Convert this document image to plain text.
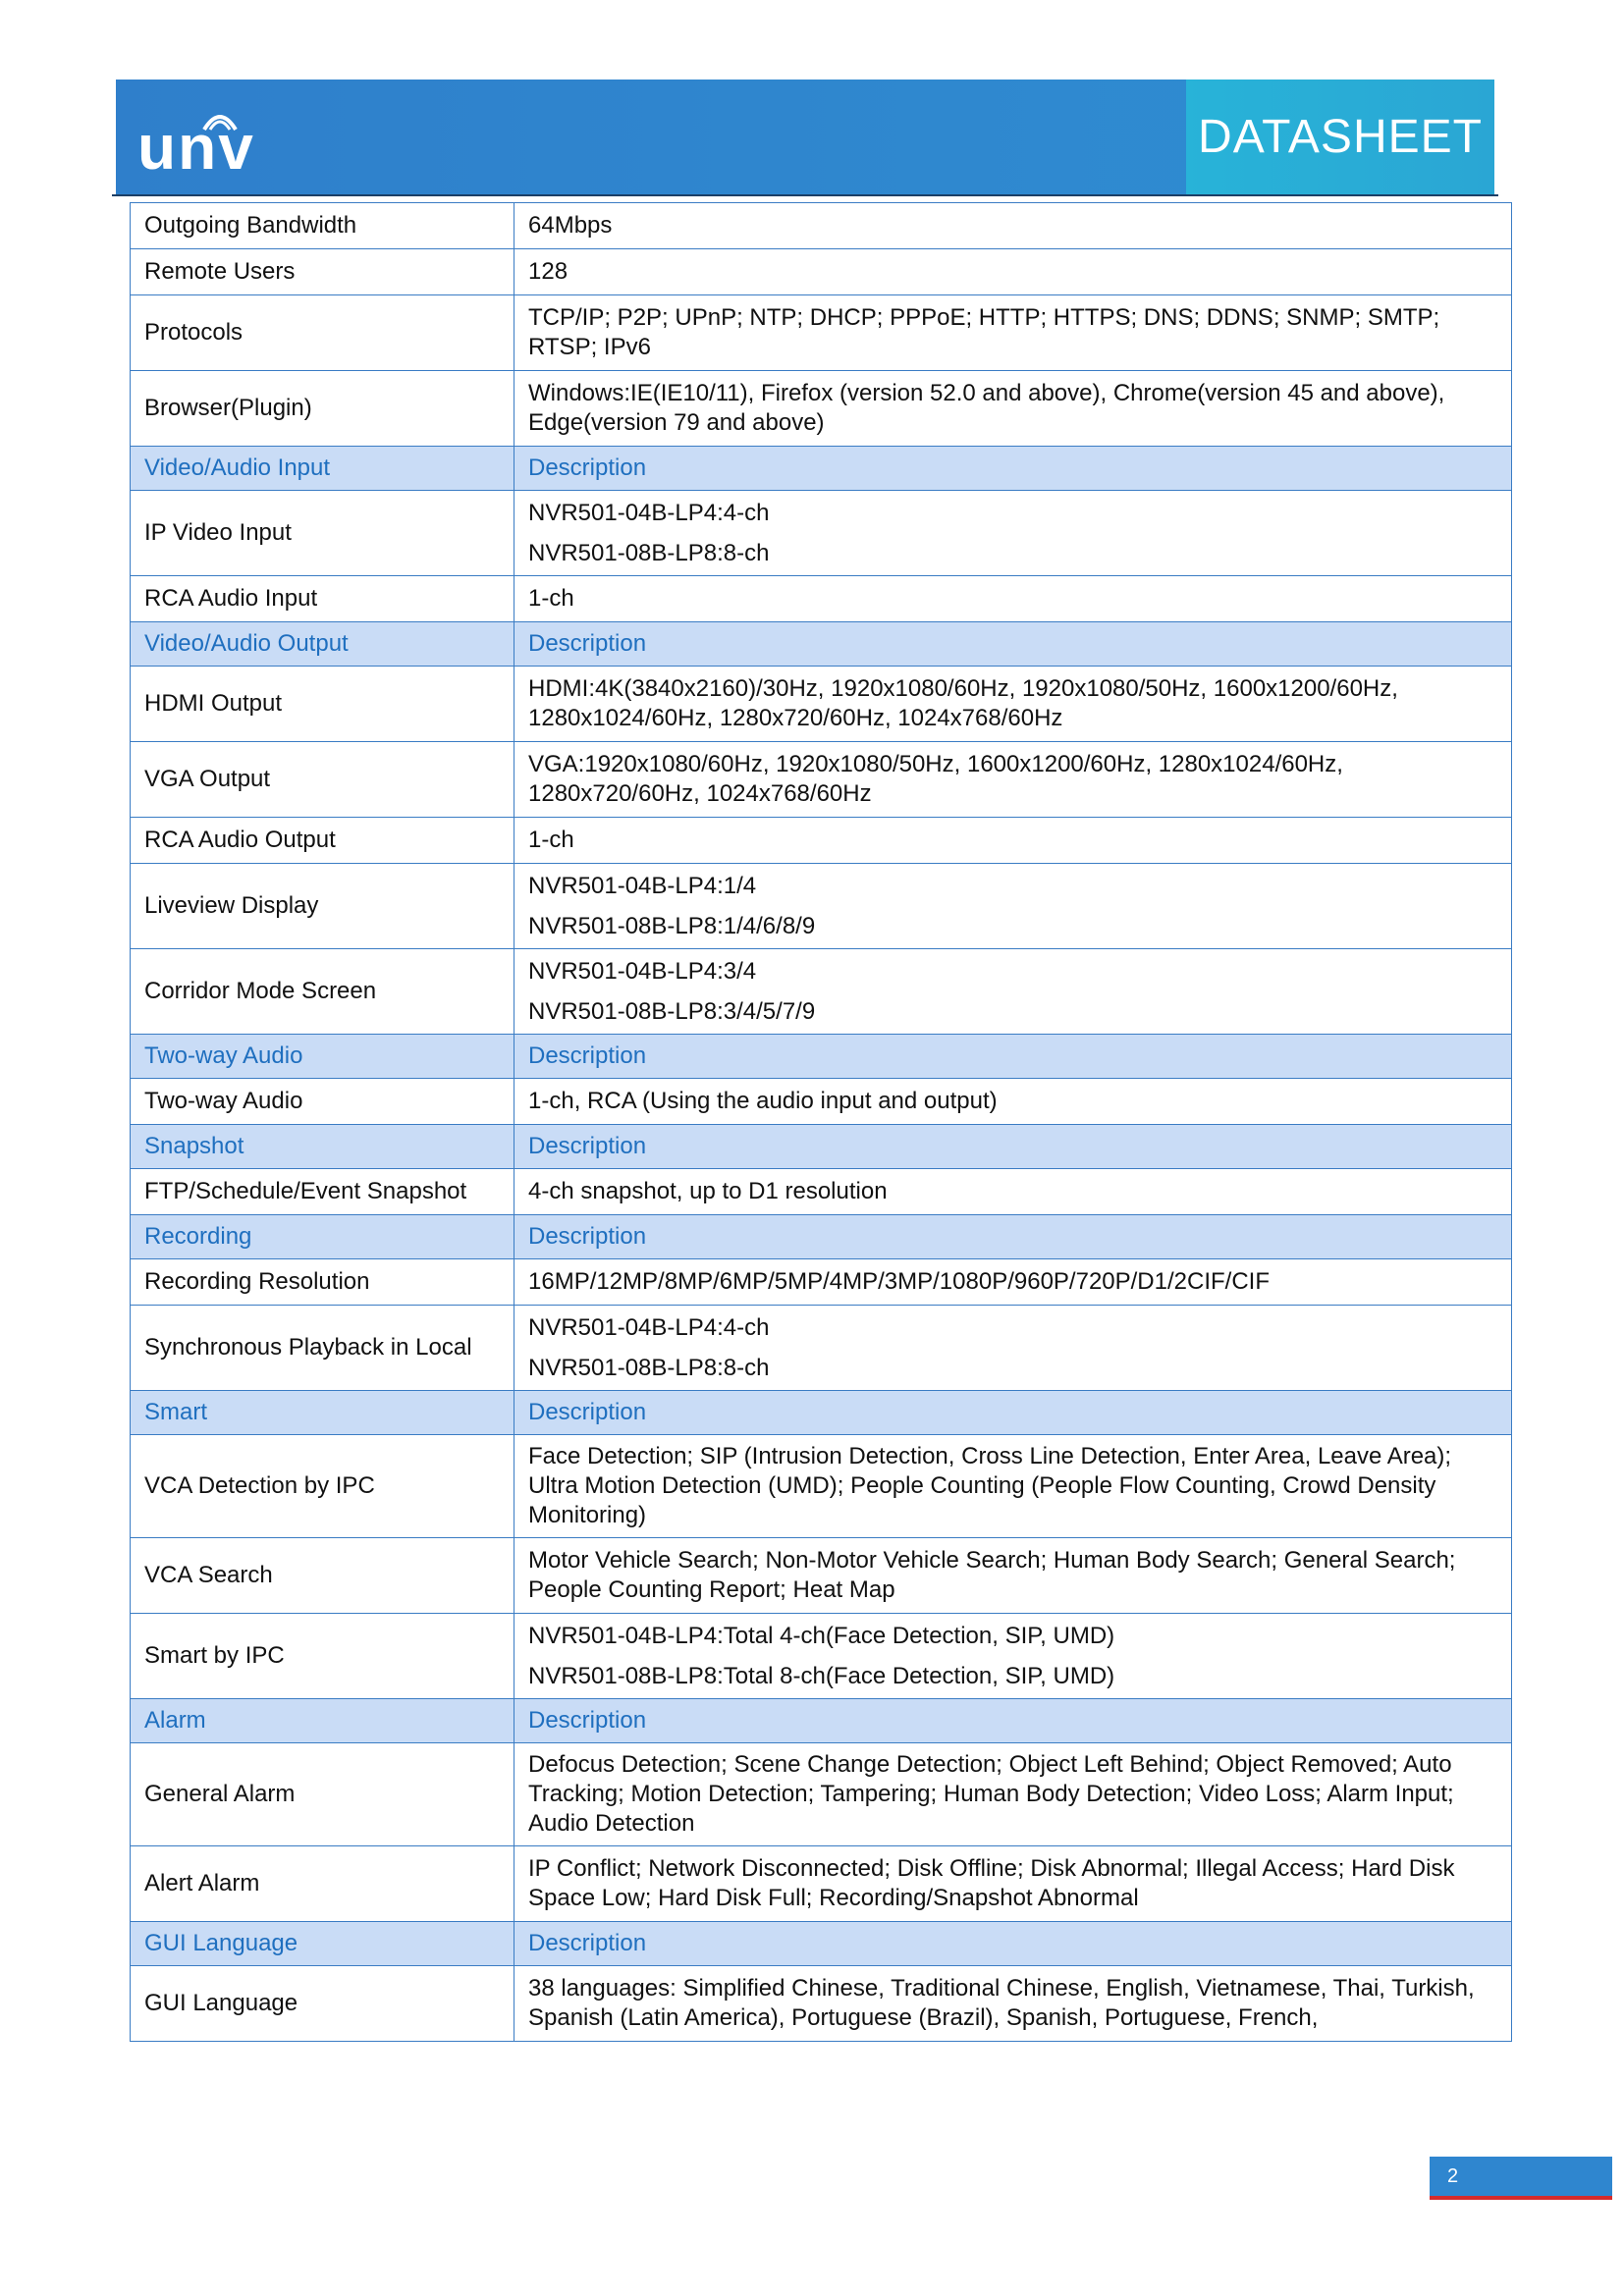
unv	DATASHEET
Outgoing Bandwidth	64Mbps
Remote Users	128
Protocols	TCP/IP; P2P; UPnP; NTP; DHCP; PPPoE; HTTP; HTTPS; DNS; DDNS; SNMP; SMTP; RTSP; IPv6
Browser(Plugin)	Windows:IE(IE10/11), Firefox (version 52.0 and above), Chrome(version 45 and above), Edge(version 79 and above)
Video/Audio Input	Description
IP Video Input	NVR501-04B-LP4:4-ch
NVR501-08B-LP8:8-ch

RCA Audio Input	1-ch
Video/Audio Output	Description
HDMI Output	HDMI:4K(3840x2160)/30Hz, 1920x1080/60Hz, 1920x1080/50Hz, 1600x1200/60Hz, 1280x1024/60Hz, 1280x720/60Hz, 1024x768/60Hz
VGA Output	VGA:1920x1080/60Hz, 1920x1080/50Hz, 1600x1200/60Hz, 1280x1024/60Hz, 1280x720/60Hz, 1024x768/60Hz
RCA Audio Output	1-ch
Liveview Display	NVR501-04B-LP4:1/4
NVR501-08B-LP8:1/4/6/8/9

Corridor Mode Screen	NVR501-04B-LP4:3/4
NVR501-08B-LP8:3/4/5/7/9

Two-way Audio	Description
Two-way Audio	1-ch, RCA (Using the audio input and output)
Snapshot	Description
FTP/Schedule/Event Snapshot	4-ch snapshot, up to D1 resolution
Recording	Description
Recording Resolution	16MP/12MP/8MP/6MP/5MP/4MP/3MP/1080P/960P/720P/D1/2CIF/CIF
Synchronous Playback in Local	NVR501-04B-LP4:4-ch
NVR501-08B-LP8:8-ch

Smart	Description
VCA Detection by IPC	Face Detection; SIP (Intrusion Detection, Cross Line Detection, Enter Area, Leave Area); Ultra Motion Detection (UMD); People Counting (People Flow Counting, Crowd Density Monitoring)
VCA Search	Motor Vehicle Search; Non-Motor Vehicle Search; Human Body Search; General Search; People Counting Report; Heat Map
Smart by IPC	NVR501-04B-LP4:Total 4-ch(Face Detection, SIP, UMD)
NVR501-08B-LP8:Total 8-ch(Face Detection, SIP, UMD)

Alarm	Description
General Alarm	Defocus Detection; Scene Change Detection; Object Left Behind; Object Removed; Auto Tracking; Motion Detection; Tampering; Human Body Detection; Video Loss; Alarm Input; Audio Detection
Alert Alarm	IP Conflict; Network Disconnected; Disk Offline; Disk Abnormal; Illegal Access; Hard Disk Space Low; Hard Disk Full; Recording/Snapshot Abnormal
GUI Language	Description
GUI Language	38 languages: Simplified Chinese, Traditional Chinese, English, Vietnamese, Thai, Turkish, Spanish (Latin America), Portuguese (Brazil), Spanish, Portuguese, French,
2
